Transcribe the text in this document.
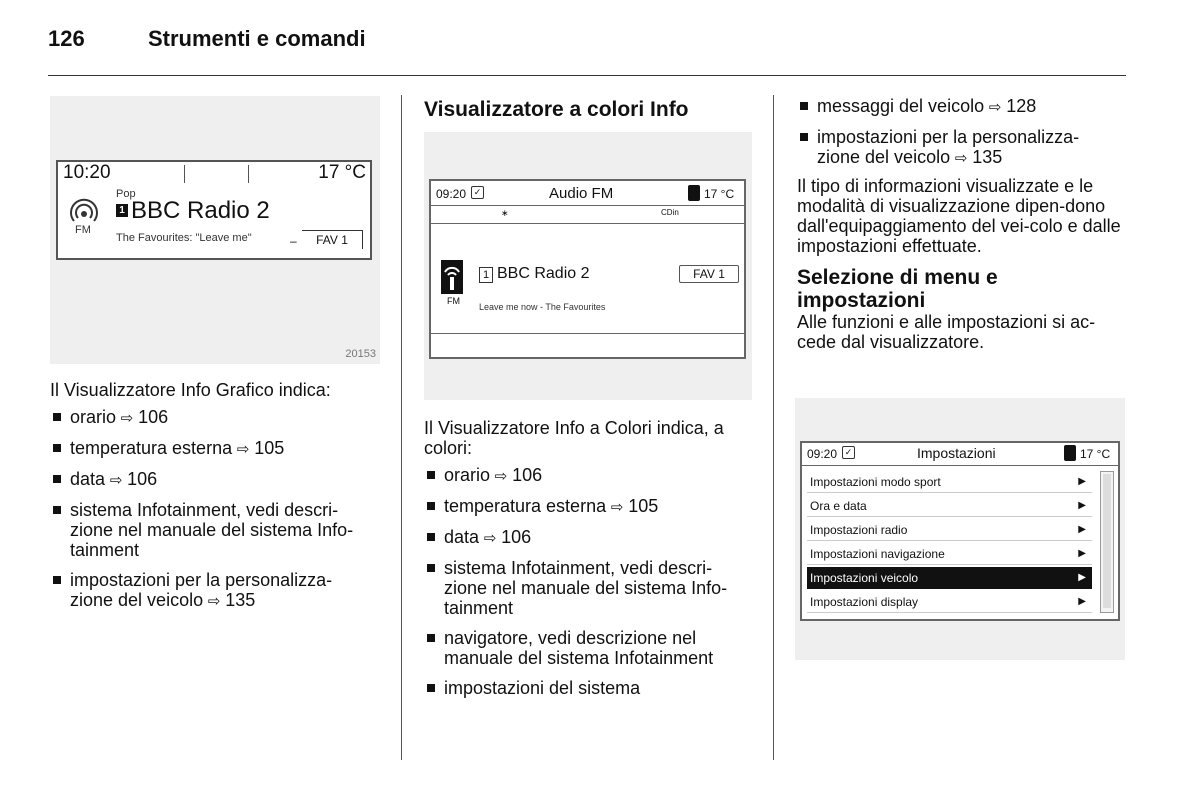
126	Strumenti e comandi
10:20	17 °C
Pop
FM
1 BBC Radio 2
The Favourites: "Leave me"	–	FAV 1
20153

Il Visualizzatore Info Grafico indica:

orario ⇨ 106
temperatura esterna ⇨ 105
data ⇨ 106
sistema Infotainment, vedi descri-
zione nel manuale del sistema Info-
tainment
impostazioni per la personalizza-
zione del veicolo ⇨ 135
Visualizzatore a colori Info
09:20 ✓	Audio FM	17 °C
∗	CDin
FM
1 BBC Radio 2	FAV 1
Leave me now - The Favourites

Il Visualizzatore Info a Colori indica, a colori:

orario ⇨ 106
temperatura esterna ⇨ 105
data ⇨ 106
sistema Infotainment, vedi descri-
zione nel manuale del sistema Info-
tainment
navigatore, vedi descrizione nel
manuale del sistema Infotainment
impostazioni del sistema
messaggi del veicolo ⇨ 128
impostazioni per la personalizza-
zione del veicolo ⇨ 135

Il tipo di informazioni visualizzate e le modalità di visualizzazione dipen-dono dall'equipaggiamento del vei-colo e dalle impostazioni effettuate.

Selezione di menu e impostazioni

Alle funzioni e alle impostazioni si ac-cede dal visualizzatore.

09:20 ✓	Impostazioni	17 °C
Impostazioni modo sport	▶
Ora e data	▶
Impostazioni radio	▶
Impostazioni navigazione	▶
Impostazioni veicolo	▶
Impostazioni display	▶
